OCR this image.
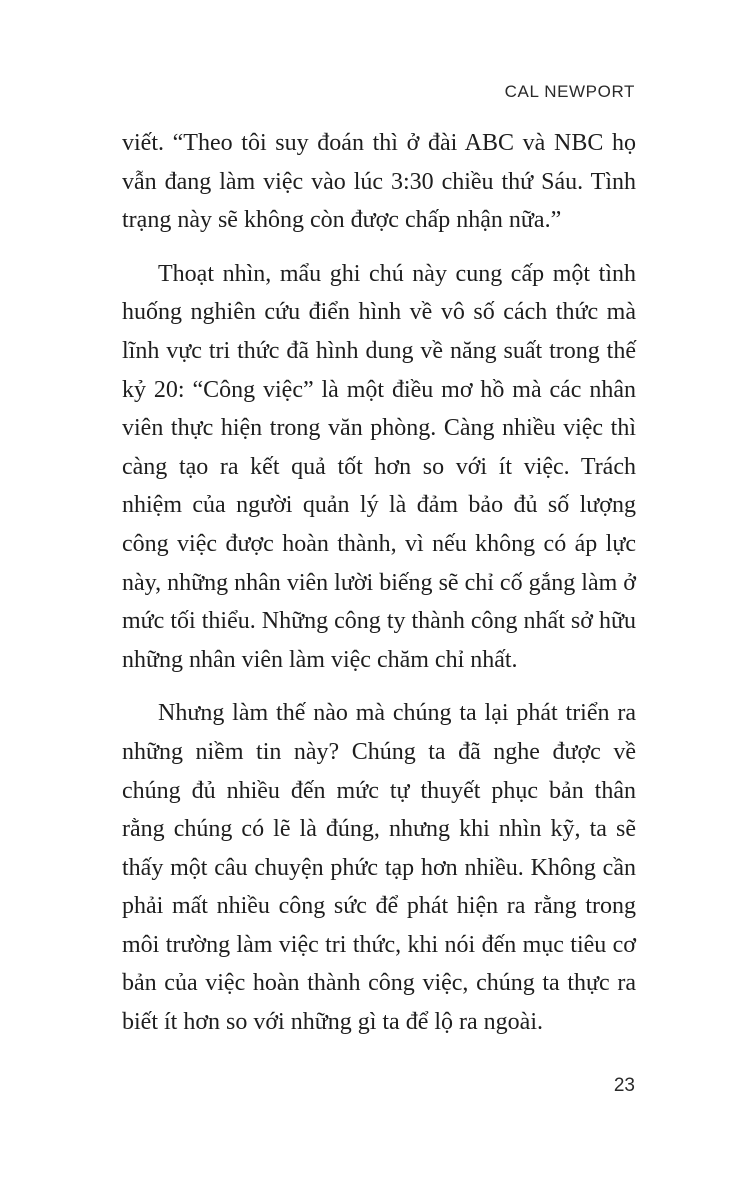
CAL NEWPORT

viết. “Theo tôi suy đoán thì ở đài ABC và NBC họ vẫn đang làm việc vào lúc 3:30 chiều thứ Sáu. Tình trạng này sẽ không còn được chấp nhận nữa.”

Thoạt nhìn, mẩu ghi chú này cung cấp một tình huống nghiên cứu điển hình về vô số cách thức mà lĩnh vực tri thức đã hình dung về năng suất trong thế kỷ 20: “Công việc” là một điều mơ hồ mà các nhân viên thực hiện trong văn phòng. Càng nhiều việc thì càng tạo ra kết quả tốt hơn so với ít việc. Trách nhiệm của người quản lý là đảm bảo đủ số lượng công việc được hoàn thành, vì nếu không có áp lực này, những nhân viên lười biếng sẽ chỉ cố gắng làm ở mức tối thiểu. Những công ty thành công nhất sở hữu những nhân viên làm việc chăm chỉ nhất.

Nhưng làm thế nào mà chúng ta lại phát triển ra những niềm tin này? Chúng ta đã nghe được về chúng đủ nhiều đến mức tự thuyết phục bản thân rằng chúng có lẽ là đúng, nhưng khi nhìn kỹ, ta sẽ thấy một câu chuyện phức tạp hơn nhiều. Không cần phải mất nhiều công sức để phát hiện ra rằng trong môi trường làm việc tri thức, khi nói đến mục tiêu cơ bản của việc hoàn thành công việc, chúng ta thực ra biết ít hơn so với những gì ta để lộ ra ngoài.

23
